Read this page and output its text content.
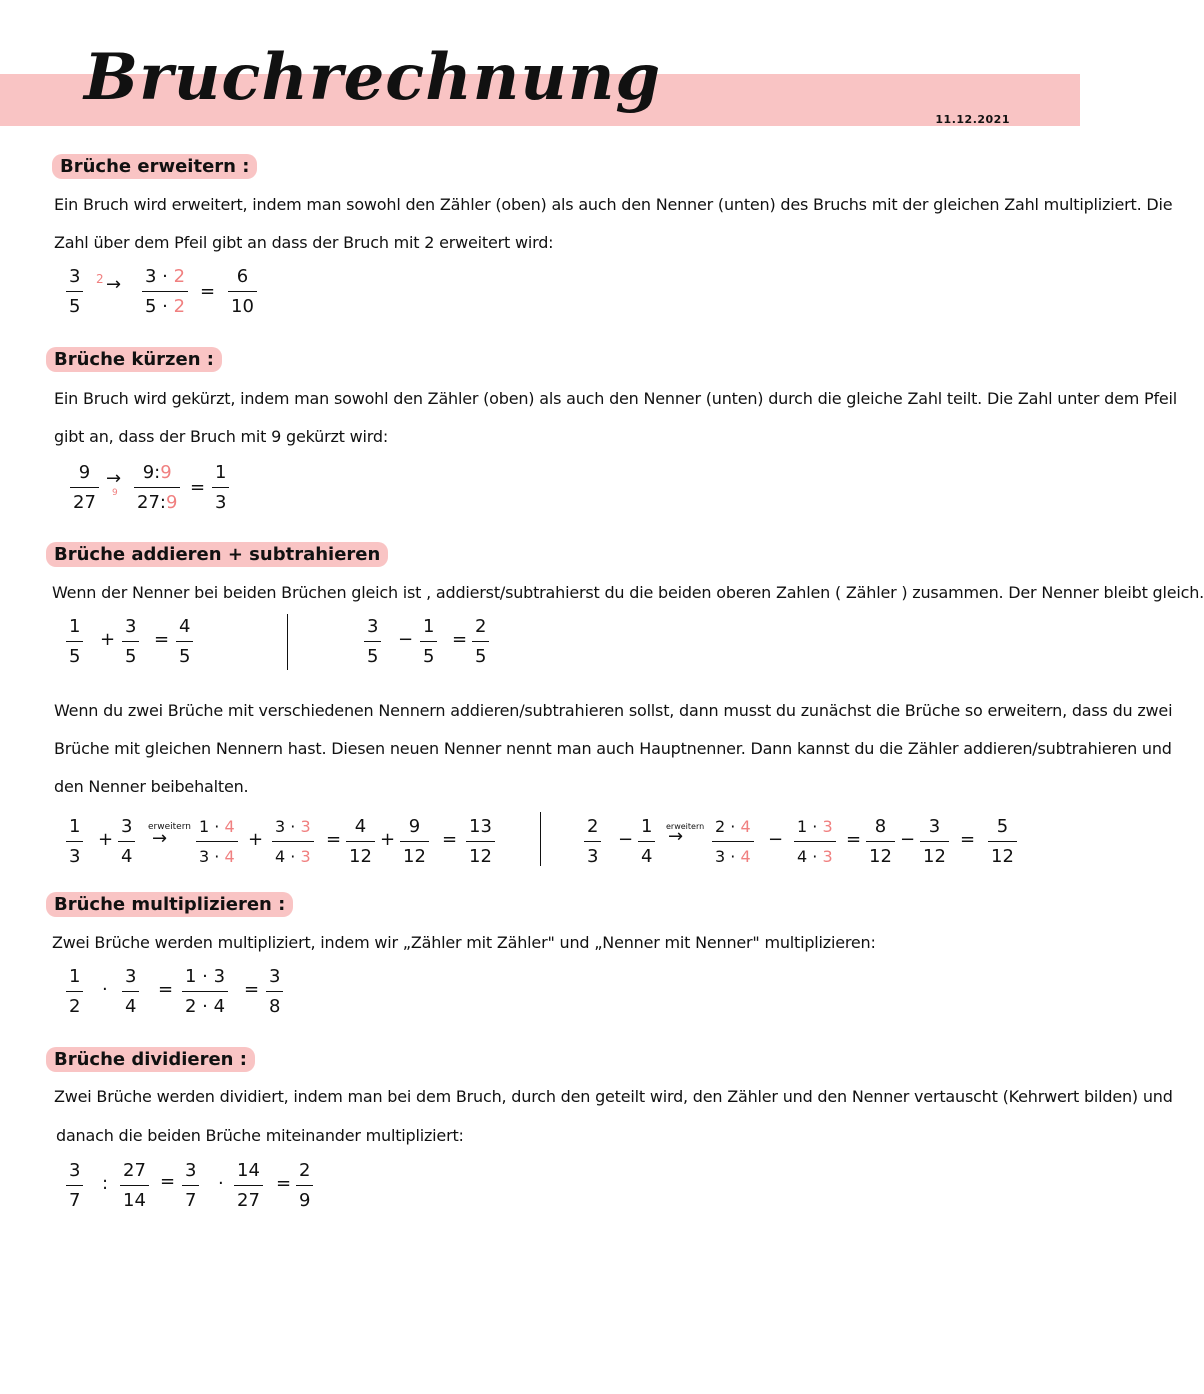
Bruchrechnung
11.12.2021
Brüche erweitern :
Ein Bruch wird erweitert, indem man sowohl den Zähler (oben) als auch den Nenner (unten) des Bruchs mit der gleichen Zahl multipliziert. Die
Zahl über dem Pfeil gibt an dass der Bruch mit 2 erweitert wird:
3
5
2 → 3 · 2
5 · 2
=
6
10
Brüche kürzen :
Ein Bruch wird gekürzt, indem man sowohl den Zähler (oben) als auch den Nenner (unten) durch die gleiche Zahl teilt. Die Zahl unter dem Pfeil
gibt an, dass der Bruch mit 9 gekürzt wird:
9
27
→
9
9:9
27:9
=
1
3
Brüche addieren + subtrahieren
Wenn der Nenner bei beiden Brüchen gleich ist , addierst/subtrahierst du die beiden oberen Zahlen ( Zähler ) zusammen. Der Nenner bleibt gleich.
1
5
+
3
5
=
4
5
3
5
−
1
5
=
2
5
Wenn du zwei Brüche mit verschiedenen Nennern addieren/subtrahieren sollst, dann musst du zunächst die Brüche so erweitern, dass du zwei
Brüche mit gleichen Nennern hast. Diesen neuen Nenner nennt man auch Hauptnenner. Dann kannst du die Zähler addieren/subtrahieren und
den Nenner beibehalten.
1
3
+
3
4
erweitern
→
1 · 4
3 · 4
+
3 · 3
4 · 3
=
4
12
+
9
12
=
13
12
2
3
−
1
4
erweitern
→ 2 · 4
3 · 4
−
1 · 3
4 · 3
=
8
12
−
3
12
=
5
12
Brüche multiplizieren :
Zwei Brüche werden multipliziert, indem wir „Zähler mit Zähler" und „Nenner mit Nenner" multiplizieren:
1
2
·
3
4
=
1 · 3
2 · 4
=
3
8
Brüche dividieren :
Zwei Brüche werden dividiert, indem man bei dem Bruch, durch den geteilt wird, den Zähler und den Nenner vertauscht (Kehrwert bilden) und
danach die beiden Brüche miteinander multipliziert:
3
7
:
27
14
=
3
7
·
14
27
=
2
9
